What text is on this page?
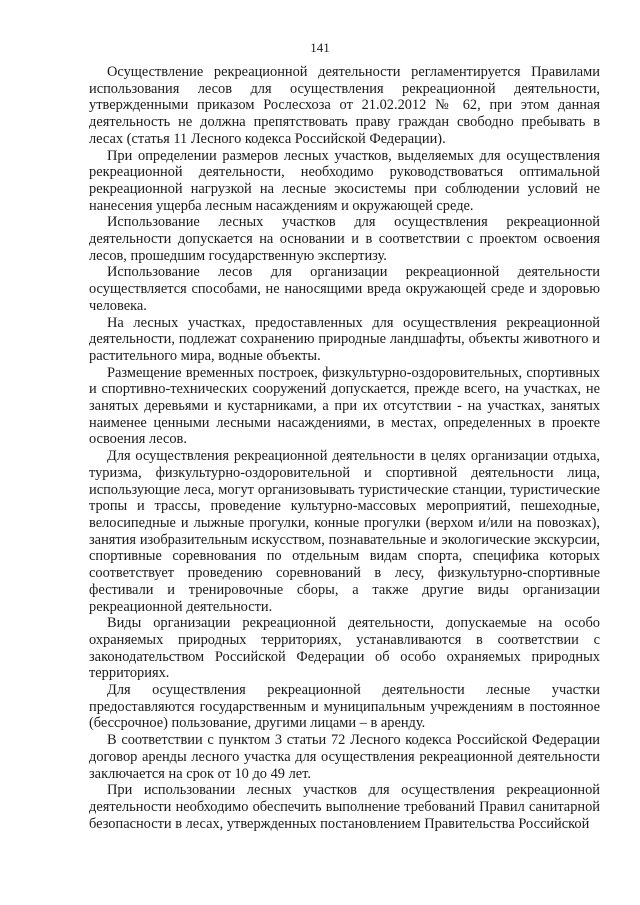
141

Осуществление рекреационной деятельности регламентируется Правилами использования лесов для осуществления рекреационной деятельности, утвержденными приказом Рослесхоза от 21.02.2012 № 62, при этом данная деятельность не должна препятствовать праву граждан свободно пребывать в лесах (статья 11 Лесного кодекса Российской Федерации).

При определении размеров лесных участков, выделяемых для осуществления рекреационной деятельности, необходимо руководствоваться оптимальной рекреационной нагрузкой на лесные экосистемы при соблюдении условий не нанесения ущерба лесным насаждениям и окружающей среде.

Использование лесных участков для осуществления рекреационной деятельности допускается на основании и в соответствии с проектом освоения лесов, прошедшим государственную экспертизу.

Использование лесов для организации рекреационной деятельности осуществляется способами, не наносящими вреда окружающей среде и здоровью человека.

На лесных участках, предоставленных для осуществления рекреационной деятельности, подлежат сохранению природные ландшафты, объекты животного и растительного мира, водные объекты.

Размещение временных построек, физкультурно-оздоровительных, спортивных и спортивно-технических сооружений допускается, прежде всего, на участках, не занятых деревьями и кустарниками, а при их отсутствии - на участках, занятых наименее ценными лесными насаждениями, в местах, определенных в проекте освоения лесов.

Для осуществления рекреационной деятельности в целях организации отдыха, туризма, физкультурно-оздоровительной и спортивной деятельности лица, использующие леса, могут организовывать туристические станции, туристические тропы и трассы, проведение культурно-массовых мероприятий, пешеходные, велосипедные и лыжные прогулки, конные прогулки (верхом и/или на повозках), занятия изобразительным искусством, познавательные и экологические экскурсии, спортивные соревнования по отдельным видам спорта, специфика которых соответствует проведению соревнований в лесу, физкультурно-спортивные фестивали и тренировочные сборы, а также другие виды организации рекреационной деятельности.

Виды организации рекреационной деятельности, допускаемые на особо охраняемых природных территориях, устанавливаются в соответствии с законодательством Российской Федерации об особо охраняемых природных территориях.

Для осуществления рекреационной деятельности лесные участки предоставляются государственным и муниципальным учреждениям в постоянное (бессрочное) пользование, другими лицами – в аренду.

В соответствии с пунктом 3 статьи 72 Лесного кодекса Российской Федерации договор аренды лесного участка для осуществления рекреационной деятельности заключается на срок от 10 до 49 лет.

При использовании лесных участков для осуществления рекреационной деятельности необходимо обеспечить выполнение требований Правил санитарной безопасности в лесах, утвержденных постановлением Правительства Российской
